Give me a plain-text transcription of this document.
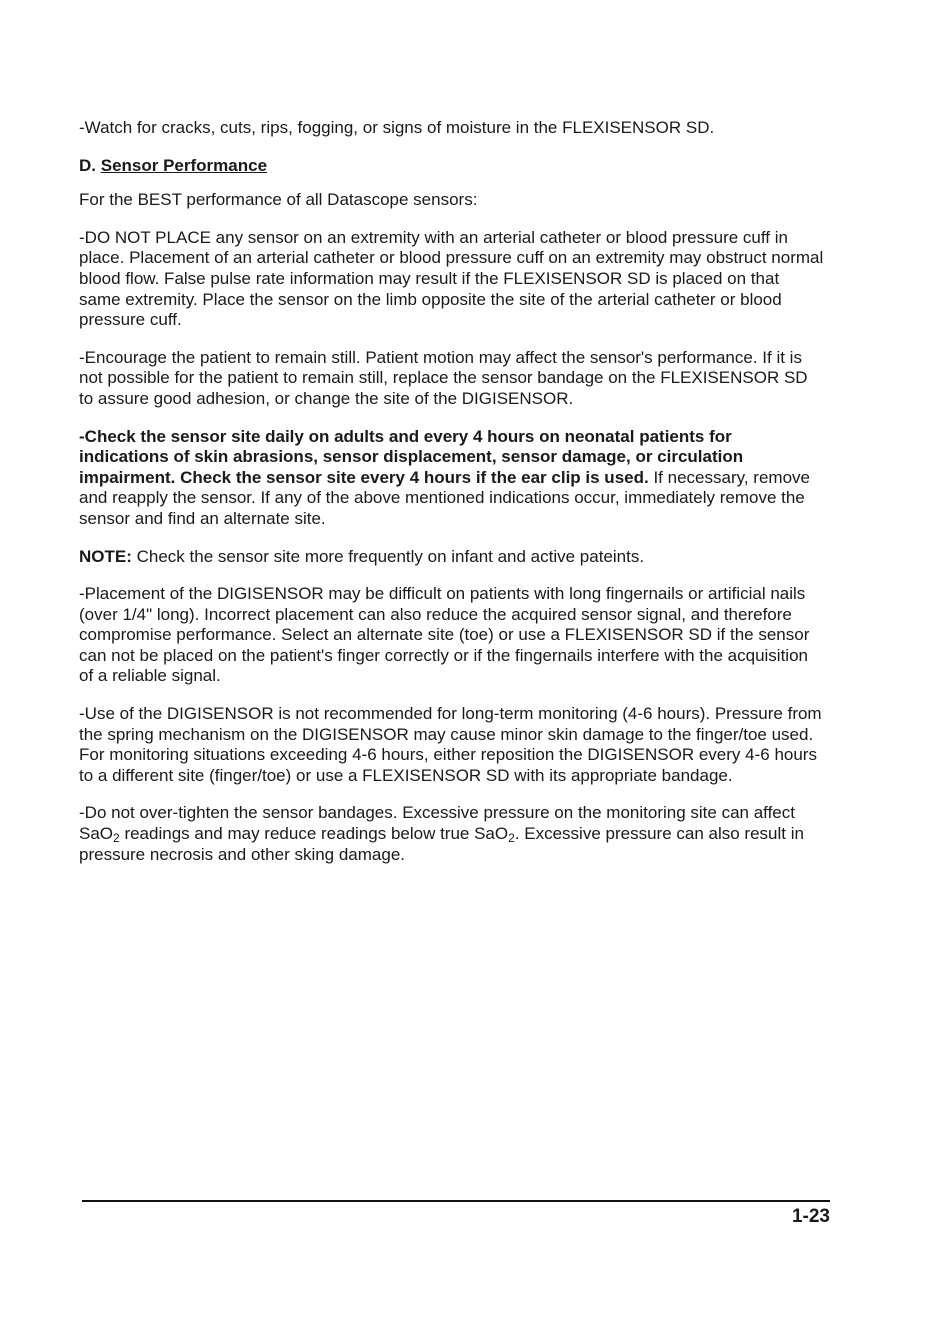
-Watch for cracks, cuts, rips, fogging, or signs of moisture in the FLEXISENSOR SD.

D. Sensor Performance

For the BEST performance of all Datascope sensors:

-DO NOT PLACE any sensor on an extremity with an arterial catheter or blood pressure cuff in place. Placement of an arterial catheter or blood pressure cuff on an extremity may obstruct normal blood flow. False pulse rate information may result if the FLEXISENSOR SD is placed on that same extremity. Place the sensor on the limb opposite the site of the arterial catheter or blood pressure cuff.

-Encourage the patient to remain still. Patient motion may affect the sensor's performance. If it is not possible for the patient to remain still, replace the sensor bandage on the FLEXISENSOR SD to assure good adhesion, or change the site of the DIGISENSOR.

-Check the sensor site daily on adults and every 4 hours on neonatal patients for indications of skin abrasions, sensor displacement, sensor damage, or circulation impairment. Check the sensor site every 4 hours if the ear clip is used. If necessary, remove and reapply the sensor. If any of the above mentioned indications occur, immediately remove the sensor and find an alternate site.

NOTE: Check the sensor site more frequently on infant and active pateints.

-Placement of the DIGISENSOR may be difficult on patients with long fingernails or artificial nails (over 1/4" long). Incorrect placement can also reduce the acquired sensor signal, and therefore compromise performance. Select an alternate site (toe) or use a FLEXISENSOR SD if the sensor can not be placed on the patient's finger correctly or if the fingernails interfere with the acquisition of a reliable signal.

-Use of the DIGISENSOR is not recommended for long-term monitoring (4-6 hours). Pressure from the spring mechanism on the DIGISENSOR may cause minor skin damage to the finger/toe used. For monitoring situations exceeding 4-6 hours, either reposition the DIGISENSOR every 4-6 hours to a different site (finger/toe) or use a FLEXISENSOR SD with its appropriate bandage.

-Do not over-tighten the sensor bandages. Excessive pressure on the monitoring site can affect SaO$_2$ readings and may reduce readings below true SaO$_2$. Excessive pressure can also result in pressure necrosis and other sking damage.

1-23
